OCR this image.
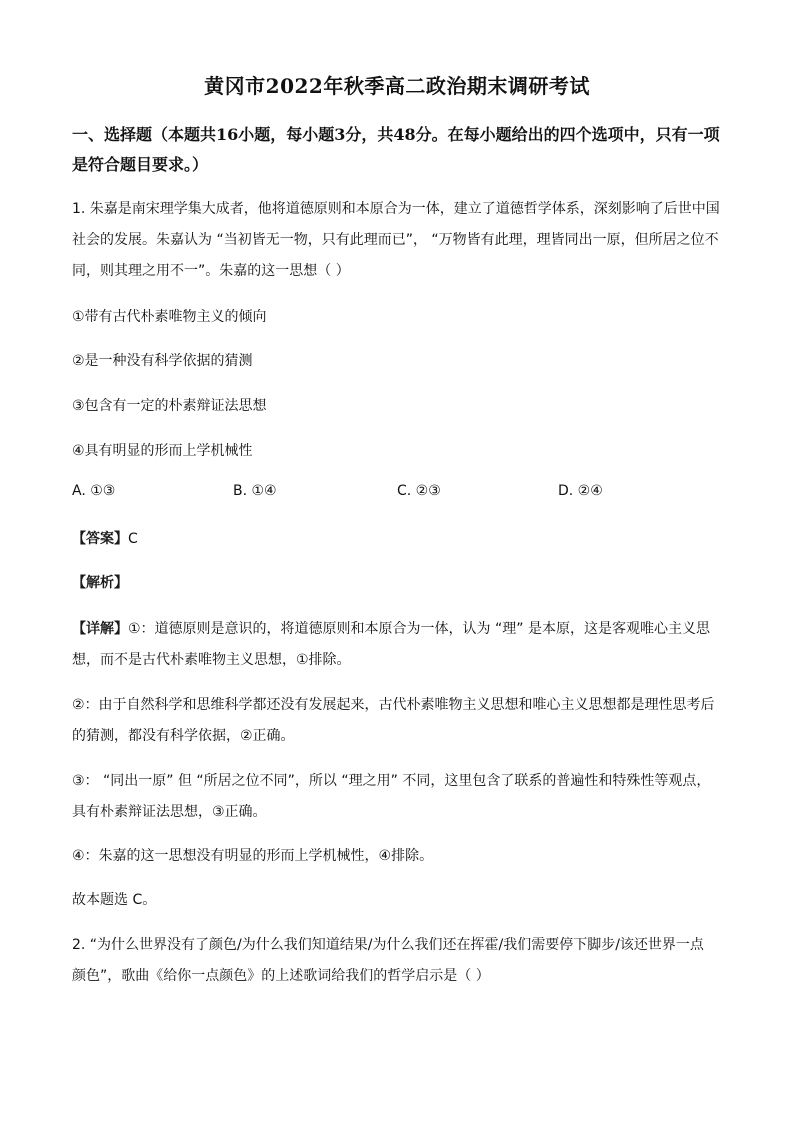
黄冈市2022年秋季高二政治期末调研考试
一、选择题（本题共16小题，每小题3分，共48分。在每小题给出的四个选项中，只有一项是符合题目要求。）
1. 朱嘉是南宋理学集大成者，他将道德原则和本原合为一体，建立了道德哲学体系，深刻影响了后世中国
社会的发展。朱嘉认为 “当初皆无一物，只有此理而已”， “万物皆有此理，理皆同出一原，但所居之位不
同，则其理之用不一”。朱嘉的这一思想（ ）
①带有古代朴素唯物主义的倾向
②是一种没有科学依据的猜测
③包含有一定的朴素辩证法思想
④具有明显的形而上学机械性
A. ①③	B. ①④	C. ②③	D. ②④
【答案】C
【解析】
【详解】①：道德原则是意识的，将道德原则和本原合为一体，认为 “理” 是本原，这是客观唯心主义思
想，而不是古代朴素唯物主义思想，①排除。
②：由于自然科学和思维科学都还没有发展起来，古代朴素唯物主义思想和唯心主义思想都是理性思考后
的猜测，都没有科学依据，②正确。
③： “同出一原” 但 “所居之位不同”，所以 “理之用” 不同，这里包含了联系的普遍性和特殊性等观点，
具有朴素辩证法思想，③正确。
④：朱嘉的这一思想没有明显的形而上学机械性，④排除。
故本题选 C。
2. “为什么世界没有了颜色/为什么我们知道结果/为什么我们还在挥霍/我们需要停下脚步/该还世界一点
颜色”，歌曲《给你一点颜色》的上述歌词给我们的哲学启示是（ ）
